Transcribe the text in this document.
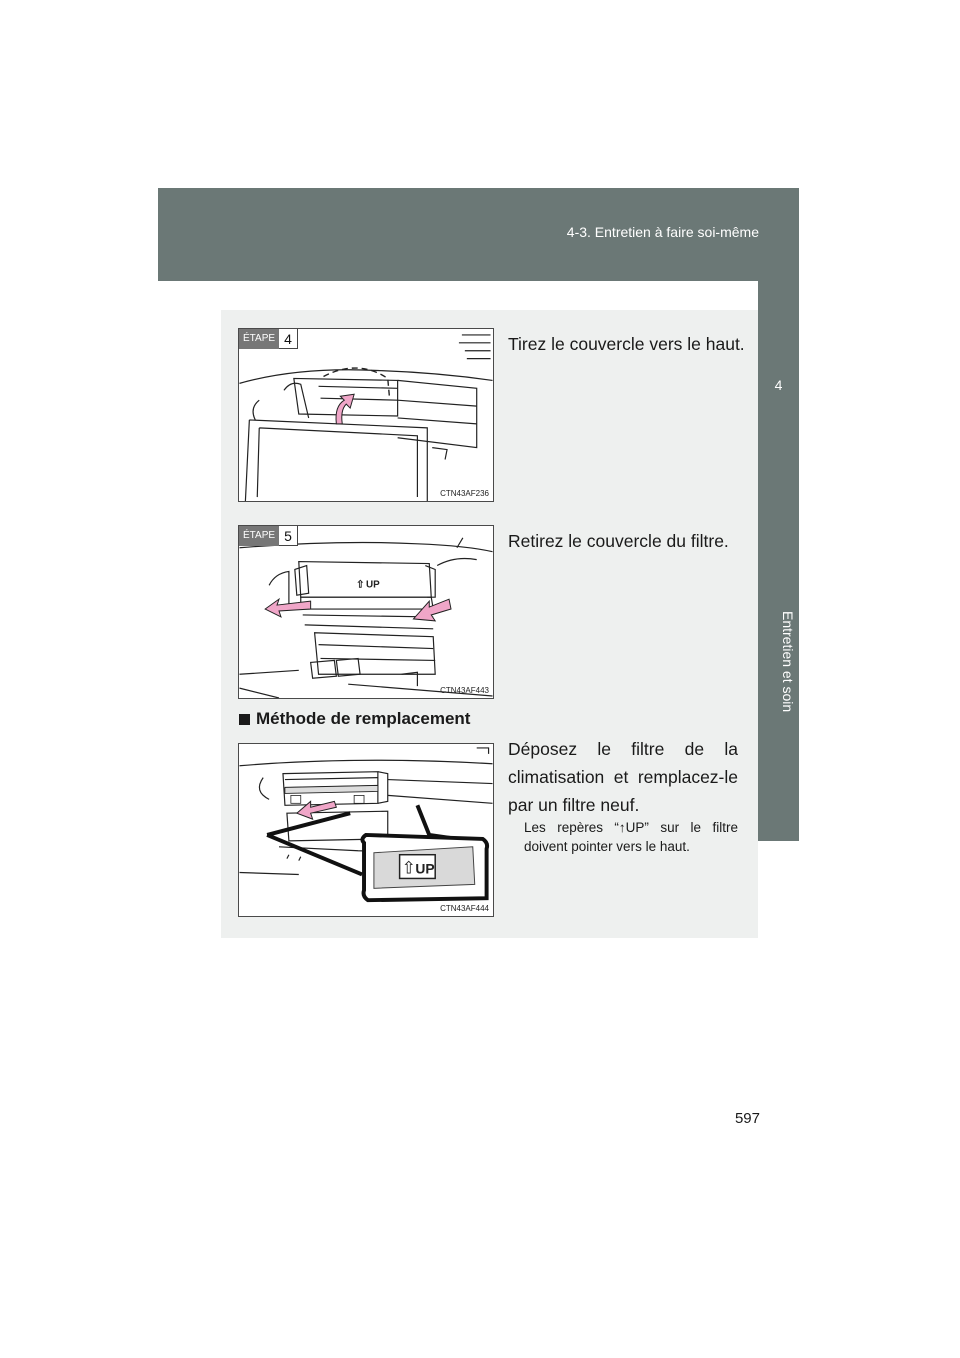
4-3. Entretien à faire soi-même
4
Entretien et soin
ÉTAPE 4
CTN43AF236
Tirez le couvercle vers le haut.
⇧ UP
ÉTAPE 5
CTN43AF443
Retirez le couvercle du filtre.
Méthode de remplacement
⇧ UP
CTN43AF444
Déposez le filtre de la climatisation et remplacez-le par un filtre neuf.
Les repères “↑UP” sur le filtre doivent pointer vers le haut.
597
